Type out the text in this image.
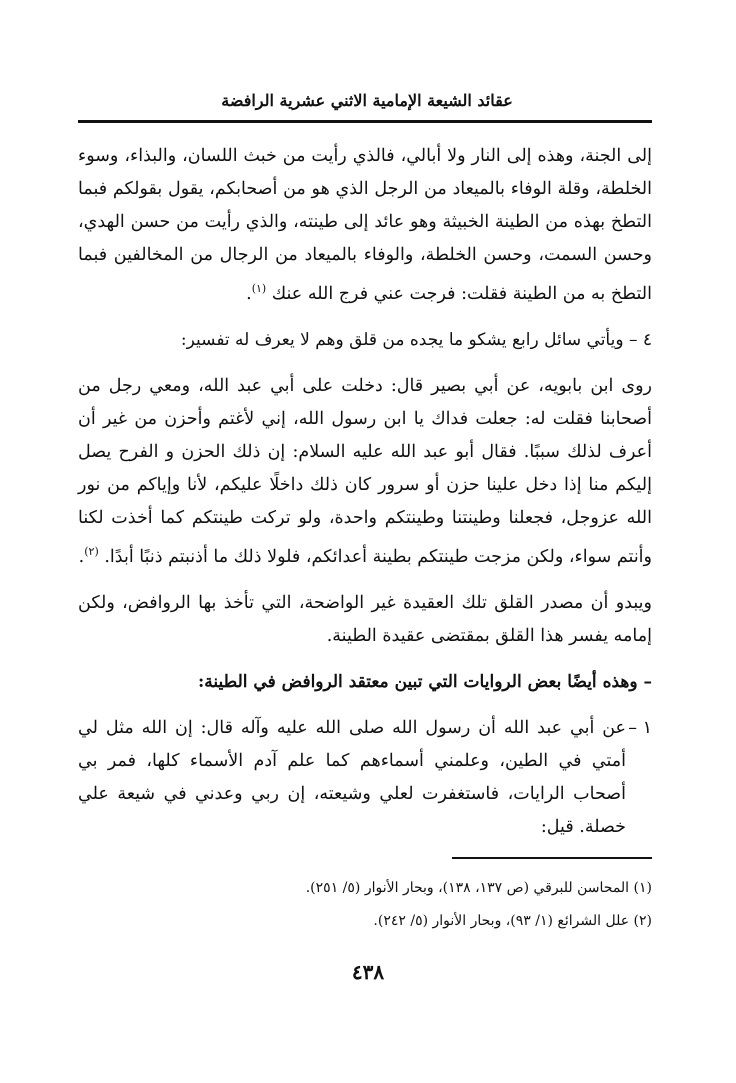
عقائد الشيعة الإمامية الاثني عشرية الرافضة

إلى الجنة، وهذه إلى النار ولا أبالي، فالذي رأيت من خبث اللسان، والبذاء، وسوء الخلطة، وقلة الوفاء بالميعاد من الرجل الذي هو من أصحابكم، يقول بقولكم فبما التطخ بهذه من الطينة الخبيثة وهو عائد إلى طينته، والذي رأيت من حسن الهدي، وحسن السمت، وحسن الخلطة، والوفاء بالميعاد من الرجال من المخالفين فبما التطخ به من الطينة فقلت: فرجت عني فرج الله عنك $^{(١)}$.

٤ – ويأتي سائل رابع يشكو ما يجده من قلق وهم لا يعرف له تفسير:

روى ابن بابويه، عن أبي بصير قال: دخلت على أبي عبد الله، ومعي رجل من أصحابنا فقلت له: جعلت فداك يا ابن رسول الله، إني لأغتم وأحزن من غير أن أعرف لذلك سببًا. فقال أبو عبد الله عليه السلام: إن ذلك الحزن و الفرح يصل إليكم منا إذا دخل علينا حزن أو سرور كان ذلك داخلًا عليكم، لأنا وإياكم من نور الله عزوجل، فجعلنا وطينتنا وطينتكم واحدة، ولو تركت طينتكم كما أخذت لكنا وأنتم سواء، ولكن مزجت طينتكم بطينة أعدائكم، فلولا ذلك ما أذنبتم ذنبًا أبدًا. $^{(٢)}$.

ويبدو أن مصدر القلق تلك العقيدة غير الواضحة، التي تأخذ بها الروافض، ولكن إمامه يفسر هذا القلق بمقتضى عقيدة الطينة.

– وهذه أيضًا بعض الروايات التي تبين معتقد الروافض في الطينة:

١ –

عن أبي عبد الله أن رسول الله صلى الله عليه وآله قال: إن الله مثل لي أمتي في الطين، وعلمني أسماءهم كما علم آدم الأسماء كلها، فمر بي أصحاب الرايات، فاستغفرت لعلي وشيعته، إن ربي وعدني في شيعة علي خصلة. قيل:

(١) المحاسن للبرقي (ص ١٣٧، ١٣٨)، وبحار الأنوار (٥/ ٢٥١).

(٢) علل الشرائع (١/ ٩٣)، وبحار الأنوار (٥/ ٢٤٢).

٤٣٨
